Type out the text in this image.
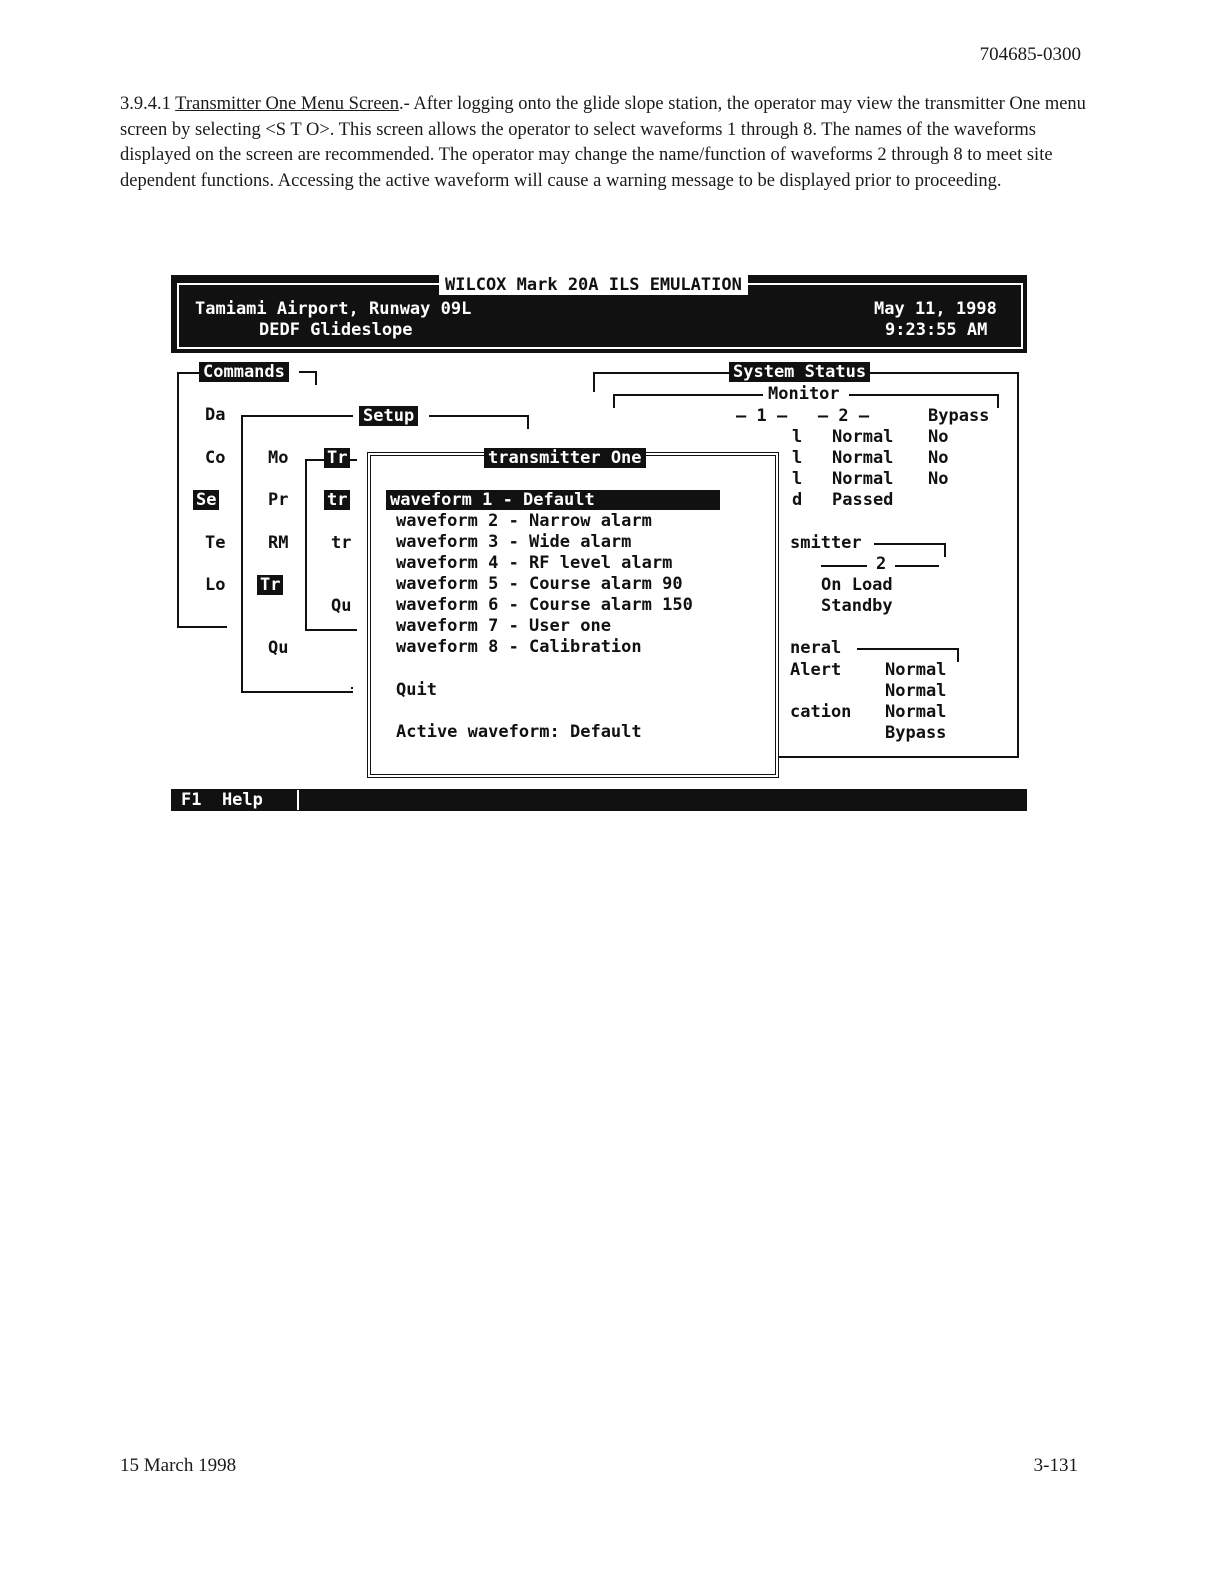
704685-0300
3.9.4.1 Transmitter One Menu Screen.- After logging onto the glide slope station, the operator may view the transmitter One menu screen by selecting <S T O>. This screen allows the operator to select waveforms 1 through 8. The names of the waveforms displayed on the screen are recommended. The operator may change the name/function of waveforms 2 through 8 to meet site dependent functions. Accessing the active waveform will cause a warning message to be displayed prior to proceeding.
WILCOX Mark 20A ILS EMULATION
Tamiami Airport, Runway 09L
DEDF Glideslope
May 11, 1998
9:23:55 AM
Commands
Da
Co
Se
Te
Lo
Setup
Mo
Pr
RM
Tr
Qu
Tr
tr
tr
Qu
System Status
Monitor
— 1 —   — 2 —	Bypass
l Normal No
l Normal No
l Normal No
d Passed
smitter
2
On Load
Standby
neral
Alert	Normal
Normal
cation Normal
Bypass
transmitter One
waveform 1 - Default
waveform 2 - Narrow alarm
waveform 3 - Wide alarm
waveform 4 - RF level alarm
waveform 5 - Course alarm 90
waveform 6 - Course alarm 150
waveform 7 - User one
waveform 8 - Calibration
Quit
Active waveform: Default
F1  Help
15 March 1998	3-131
